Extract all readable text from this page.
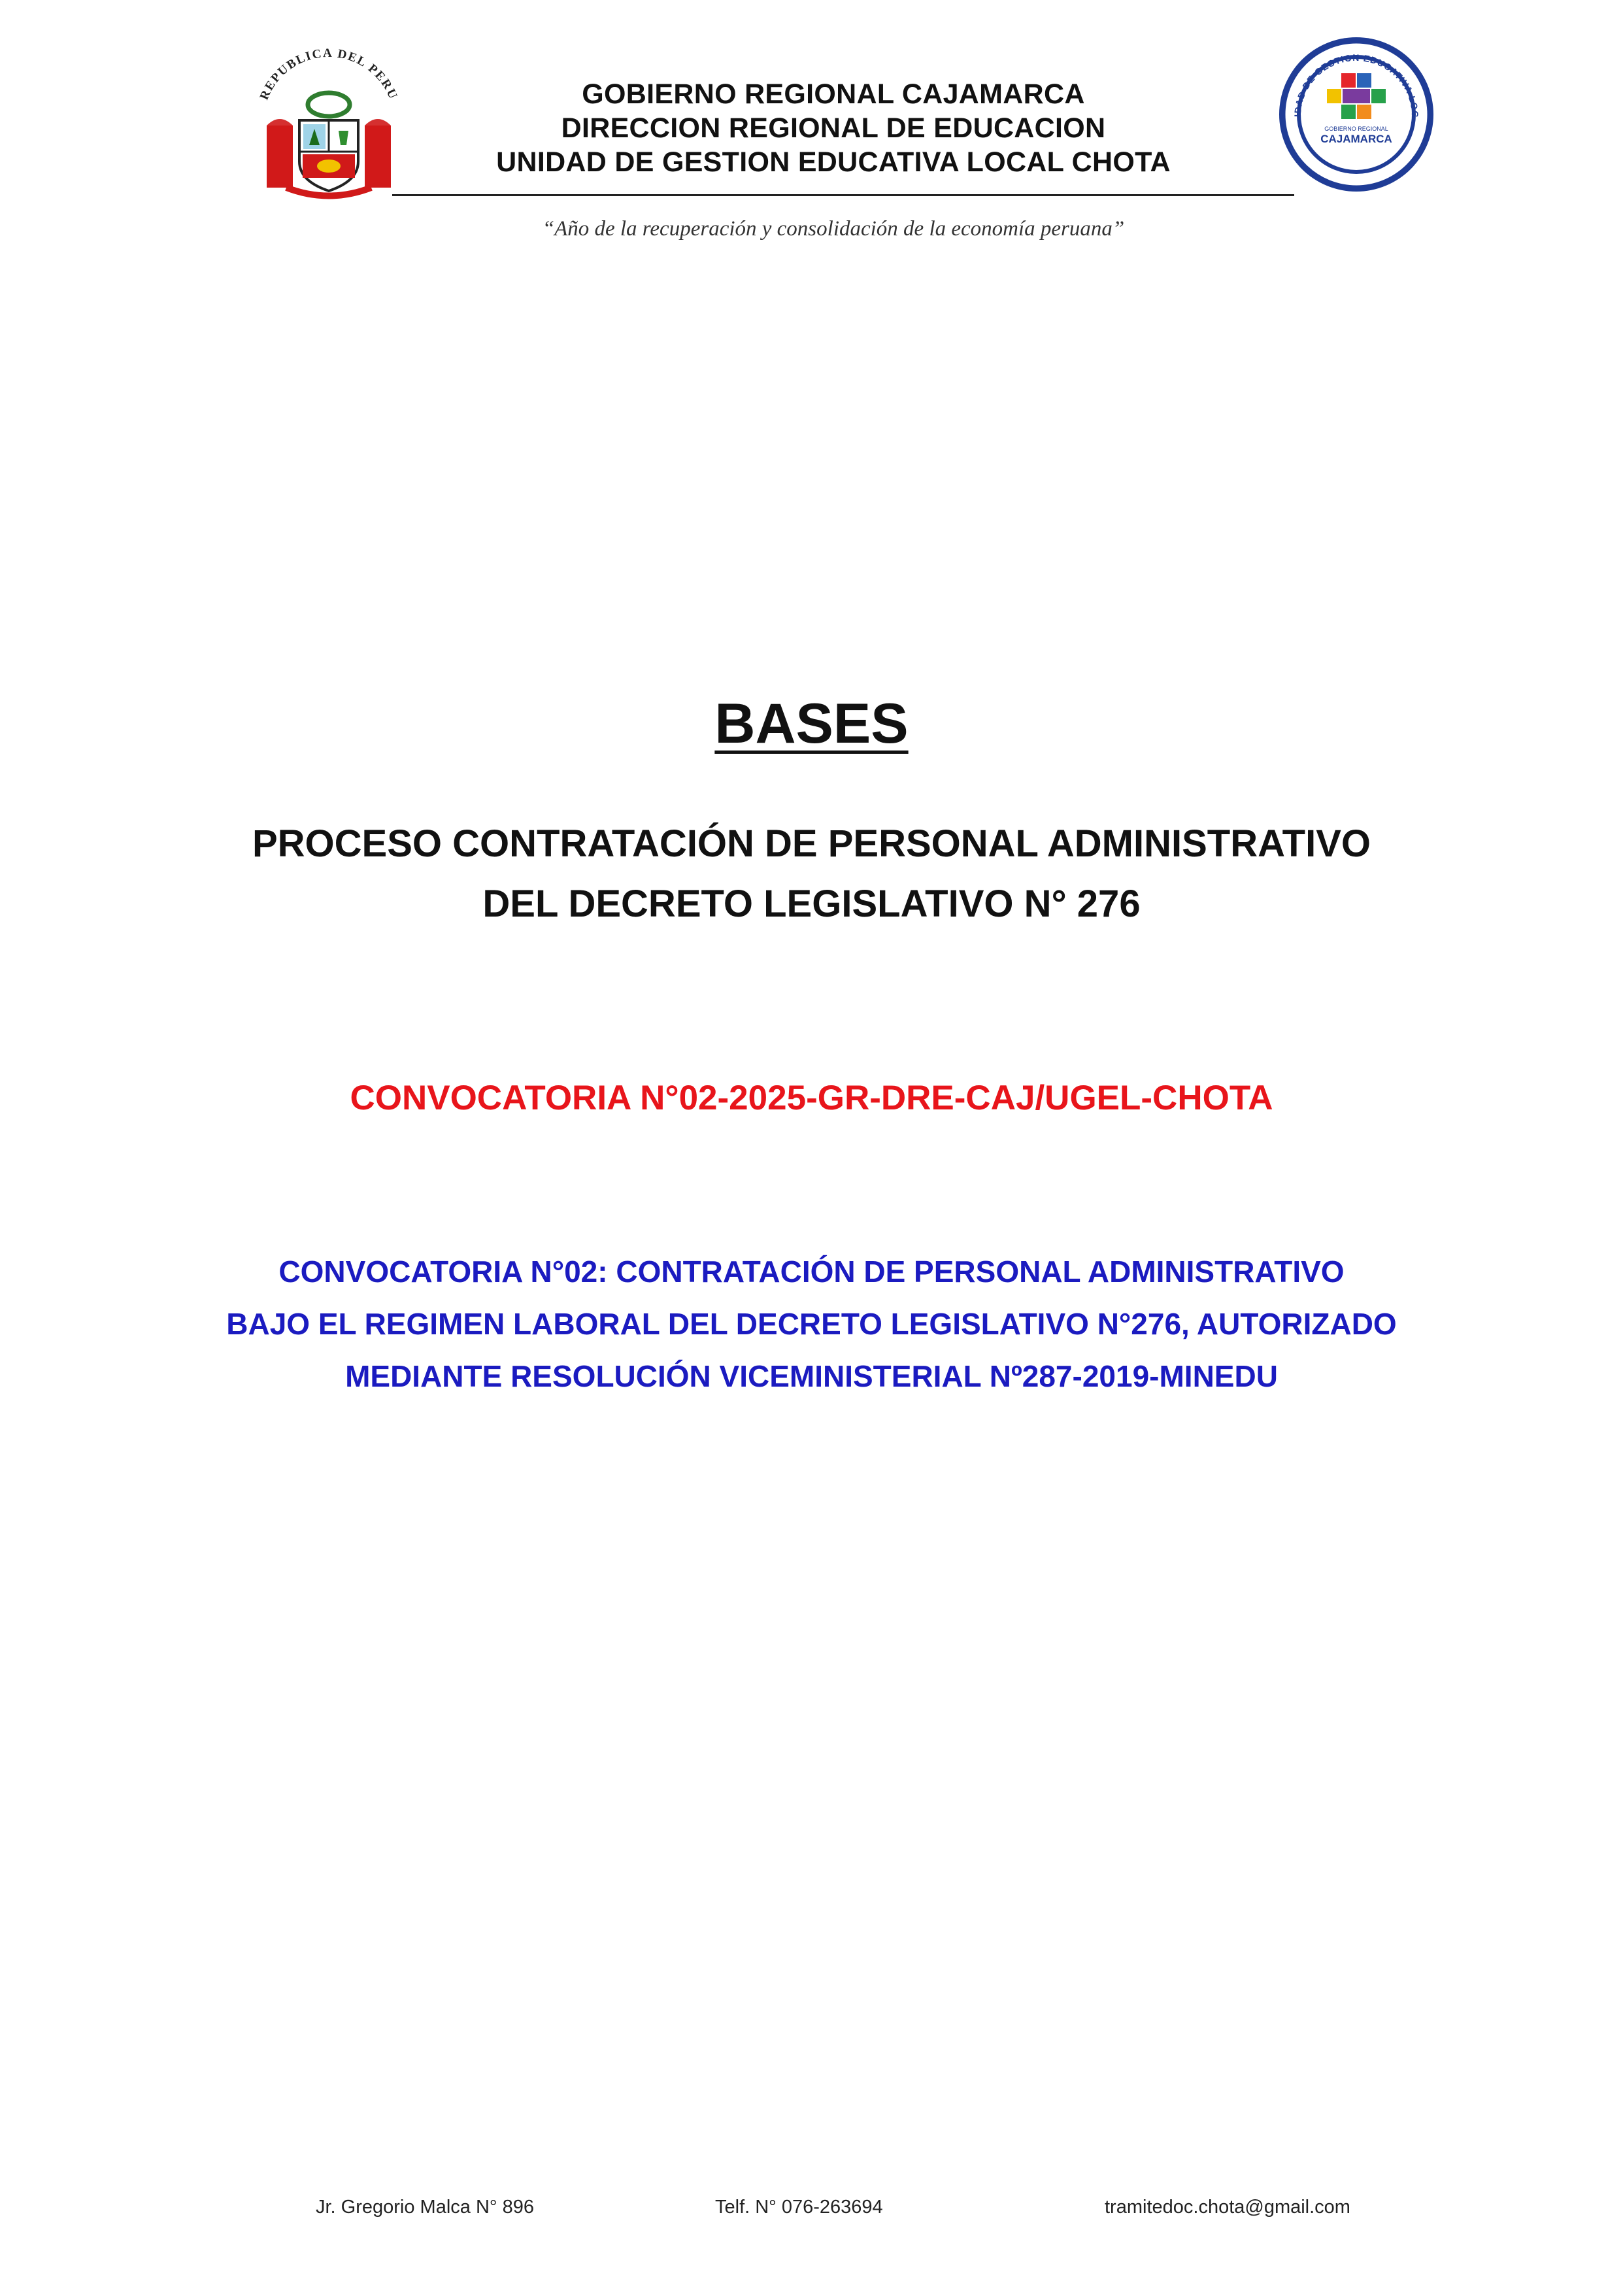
REPUBLICA DEL PERU	GOBIERNO REGIONAL CAJAMARCA
DIRECCION REGIONAL DE EDUCACION
UNIDAD DE GESTION EDUCATIVA LOCAL CHOTA
“Año de la recuperación y consolidación de la economía peruana”
IDAD DE GESTION EDUCATIVA LOC
GOBIERNO REGIONAL
CAJAMARCA
CHOTA
BASES
PROCESO CONTRATACIÓN DE PERSONAL ADMINISTRATIVO
DEL DECRETO LEGISLATIVO N° 276
CONVOCATORIA N°02-2025-GR-DRE-CAJ/UGEL-CHOTA
CONVOCATORIA N°02: CONTRATACIÓN DE PERSONAL ADMINISTRATIVO
BAJO EL REGIMEN LABORAL DEL DECRETO LEGISLATIVO N°276, AUTORIZADO
MEDIANTE RESOLUCIÓN VICEMINISTERIAL Nº287-2019-MINEDU
Jr. Gregorio Malca N° 896	Telf. N° 076-263694	tramitedoc.chota@gmail.com
